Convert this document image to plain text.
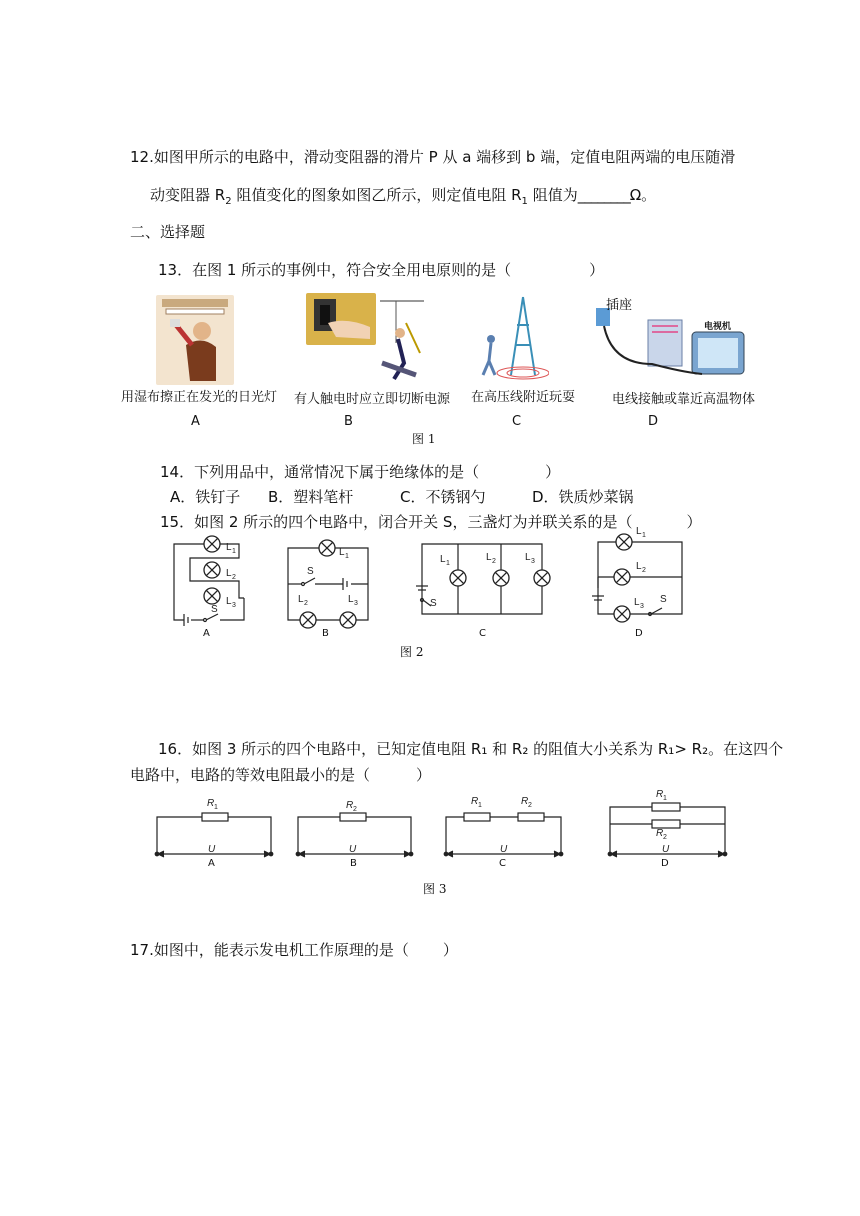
12.如图甲所示的电路中，滑动变阻器的滑片 P 从 a 端移到 b 端，定值电阻两端的电压随滑
动变阻器 $R_2$ 阻值变化的图象如图乙所示，则定值电阻 $R_1$ 阻值为________Ω。
二、选择题
13．在图 1 所示的事例中，符合安全用电原则的是（	）
插座
电视机
用湿布擦正在发光的日光灯 有人触电时应立即切断电源 在高压线附近玩耍	电线接触或靠近高温物体
A	B	C	D
图 1
14．下列用品中，通常情况下属于绝缘体的是（	）
A．铁钉子 B．塑料笔杆	C．不锈钢勺	D．铁质炒菜锅
15．如图 2 所示的四个电路中，闭合开关 S，三盏灯为并联关系的是（	）
L 1
L 2
L 3
S
L 1
S
L 2	L 3
L 1
L 2	L 3
S
L 1
L 2
L 3
S
A	B	C	D
图 2
16．如图 3 所示的四个电路中，已知定值电阻 R₁ 和 R₂ 的阻值大小关系为 R₁> R₂。在这四个
电路中，电路的等效电阻最小的是（	）
R 1	R 2
R 1	R 2
R 1
R 2
U	U	U	U
A	B	C	D
图 3
17.如图中，能表示发电机工作原理的是（ ）
